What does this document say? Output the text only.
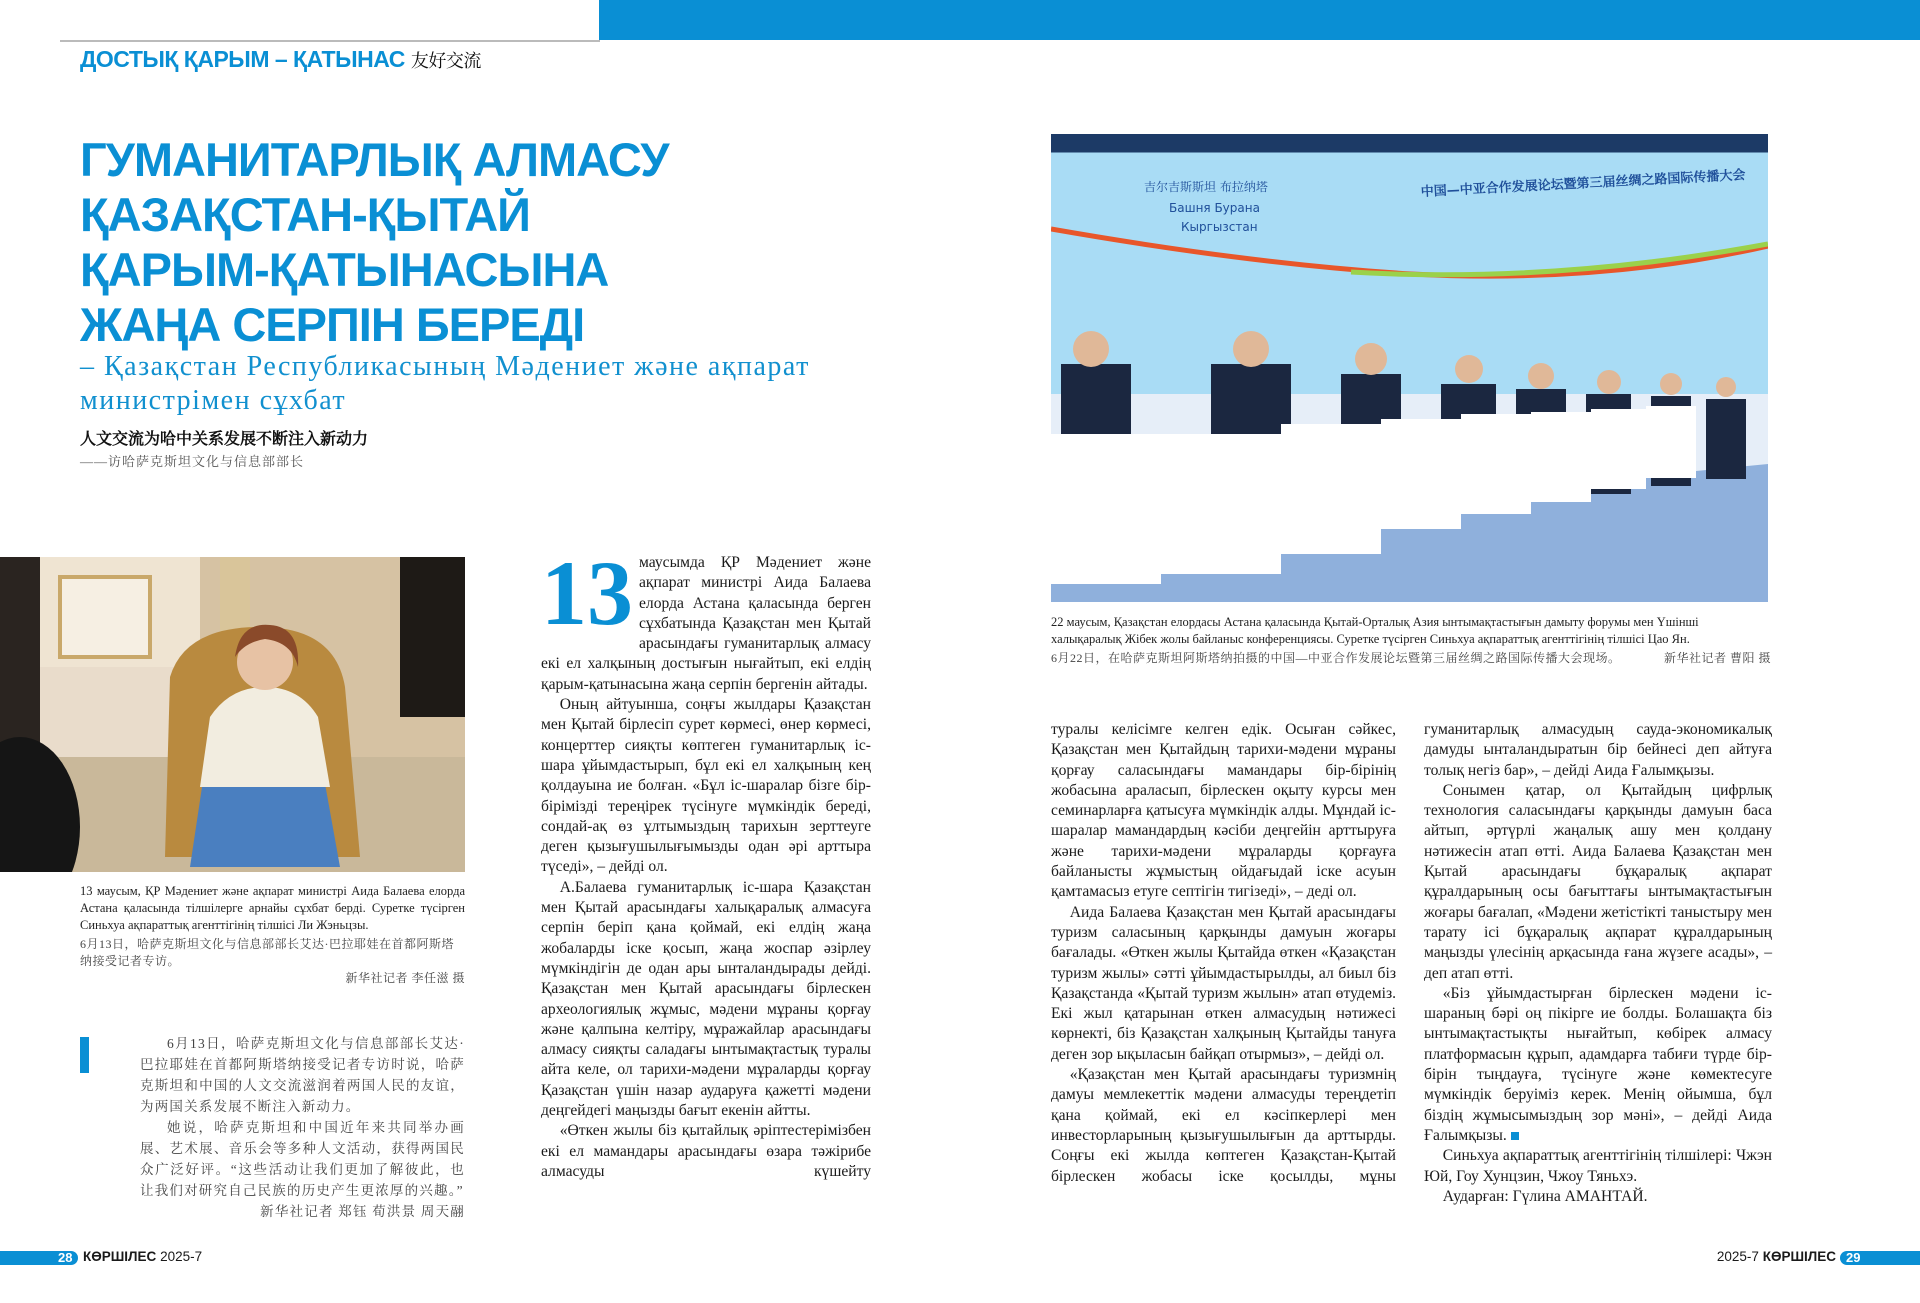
ДОСТЫҚ ҚАРЫМ – ҚАТЫНАС 友好交流
ГУМАНИТАРЛЫҚ АЛМАСУ
ҚАЗАҚСТАН-ҚЫТАЙ
ҚАРЫМ-ҚАТЫНАСЫНА
ЖАҢА СЕРПІН БЕРЕДІ
– Қазақстан Республикасының Мәдениет және ақпарат министрімен сұхбат
人文交流为哈中关系发展不断注入新动力
——访哈萨克斯坦文化与信息部部长
13 маусым, ҚР Мәдениет және ақпарат министрі Аида Балаева елорда Астана қаласында тілшілерге арнайы сұхбат берді. Суретке түсірген Синьхуа ақпараттық агенттігінің тілшісі Ли Жэньцзы.
6月13日，哈萨克斯坦文化与信息部部长艾达·巴拉耶娃在首都阿斯塔纳接受记者专访。
新华社记者 李任滋 摄

6月13日，哈萨克斯坦文化与信息部部长艾达·巴拉耶娃在首都阿斯塔纳接受记者专访时说，哈萨克斯坦和中国的人文交流滋润着两国人民的友谊，为两国关系发展不断注入新动力。

她说，哈萨克斯坦和中国近年来共同举办画展、艺术展、音乐会等多种人文活动，获得两国民众广泛好评。“这些活动让我们更加了解彼此，也让我们对研究自己民族的历史产生更浓厚的兴趣。”

新华社记者 郑钰 荀洪景 周天翮

13 маусымда ҚР Мәдениет және ақпарат министрі Аида Балаева елорда Астана қаласында берген сұхбатында Қазақстан мен Қытай арасындағы гуманитарлық алмасу екі ел халқының достығын нығайтып, екі елдің қарым-қатынасына жаңа серпін бергенін айтады.

Оның айтуынша, соңғы жылдары Қазақстан мен Қытай бірлесіп сурет көрмесі, өнер көрмесі, концерттер сияқты көптеген гуманитарлық іс-шара ұйымдастырып, бұл екі ел халқының кең қолдауына ие болған. «Бұл іс-шаралар бізге бір-бірімізді тереңірек түсінуге мүмкіндік береді, сондай-ақ өз ұлтымыздың тарихын зерттеуге деген қызығушылығымызды одан әрі арттыра түседі», – дейді ол.

А.Балаева гуманитарлық іс-шара Қазақстан мен Қытай арасындағы халықаралық алмасуға серпін беріп қана қоймай, екі елдің жаңа жобаларды іске қосып, жаңа жоспар әзірлеу мүмкіндігін де одан ары ынталандырады дейді. Қазақстан мен Қытай арасындағы бірлескен археологиялық жұмыс, мәдени мұраны қорғау және қалпына келтіру, мұражайлар арасындағы алмасу сияқты саладағы ынтымақтастық туралы айта келе, ол тарихи-мәдени мұраларды қорғау Қазақстан үшін назар аударуға қажетті мәдени деңгейдегі маңызды бағыт екенін айтты.

«Өткен жылы біз қытайлық әріптестерімізбен екі ел мамандары арасындағы өзара тәжірибе алмасуды күшейту

吉尔吉斯斯坦 布拉纳塔
Башня Бурана
Кыргызстан
中国—中亚合作发展论坛暨第三届丝绸之路国际传播大会
22 маусым, Қазақстан елордасы Астана қаласында Қытай-Орталық Азия ынтымақтастығын дамыту форумы мен Үшінші халықаралық Жібек жолы байланыс конференциясы. Суретке түсірген Синьхуа ақпараттық агенттігінің тілшісі Цао Ян.
6月22日，在哈萨克斯坦阿斯塔纳拍摄的中国—中亚合作发展论坛暨第三届丝绸之路国际传播大会现场。	新华社记者 曹阳 摄

туралы келісімге келген едік. Осыған сәйкес, Қазақстан мен Қытайдың тарихи-мәдени мұраны қорғау саласындағы мамандары бір-бірінің жобасына араласып, бірлескен оқыту курсы мен семинарларға қатысуға мүмкіндік алды. Мұндай іс-шаралар мамандардың кәсіби деңгейін арттыруға және тарихи-мәдени мұраларды қорғауға байланысты жұмыстың ойдағыдай іске асуын қамтамасыз етуге септігін тигізеді», – деді ол.

Аида Балаева Қазақстан мен Қытай арасындағы туризм саласының қарқынды дамуын жоғары бағалады. «Өткен жылы Қытайда өткен «Қазақстан туризм жылы» сәтті ұйымдастырылды, ал биыл біз Қазақстанда «Қытай туризм жылын» атап өтудеміз. Екі жыл қатарынан өткен алмасудың нәтижесі көрнекті, біз Қазақстан халқының Қытайды тануға деген зор ықыласын байқап отырмыз», – дейді ол.

«Қазақстан мен Қытай арасындағы туризмнің дамуы мемлекеттік мәдени алмасуды тереңдетіп қана қоймай, екі ел кәсіпкерлері мен инвесторларының қызығушылығын да арттырды. Соңғы екі жылда көптеген Қазақстан-Қытай бірлескен жобасы іске қосылды, мұны

гуманитарлық алмасудың сауда-экономикалық дамуды ынталандыратын бір бейнесі деп айтуға толық негіз бар», – дейді Аида Ғалымқызы.

Сонымен қатар, ол Қытайдың цифрлық технология саласындағы қарқынды дамуын баса айтып, әртүрлі жаңалық ашу мен қолдану нәтижесін атап өтті. Аида Балаева Қазақстан мен Қытай арасындағы бұқаралық ақпарат құралдарының осы бағыттағы ынтымақтастығын жоғары бағалап, «Мәдени жетістікті таныстыру мен тарату ісі бұқаралық ақпарат құралдарының маңызды үлесінің арқасында ғана жүзеге асады», – деп атап өтті.

«Біз ұйымдастырған бірлескен мәдени іс-шараның бәрі оң пікірге ие болды. Болашақта біз ынтымақтастықты нығайтып, көбірек алмасу платформасын құрып, адамдарға табиғи түрде бір-бірін тыңдауға, түсінуге және көмектесуге мүмкіндік беруіміз керек. Менің ойымша, бұл біздің жұмысымыздың зор мәні», – дейді Аида Ғалымқызы.

Синьхуа ақпараттық агенттігінің тілшілері: Чжэн Юй, Гоу Хунцзин, Чжоу Тяньхэ.

Аударған: Гүлина АМАНТАЙ.

28 КӨРШІЛЕС 2025-7	2025-7 КӨРШІЛЕС 29
